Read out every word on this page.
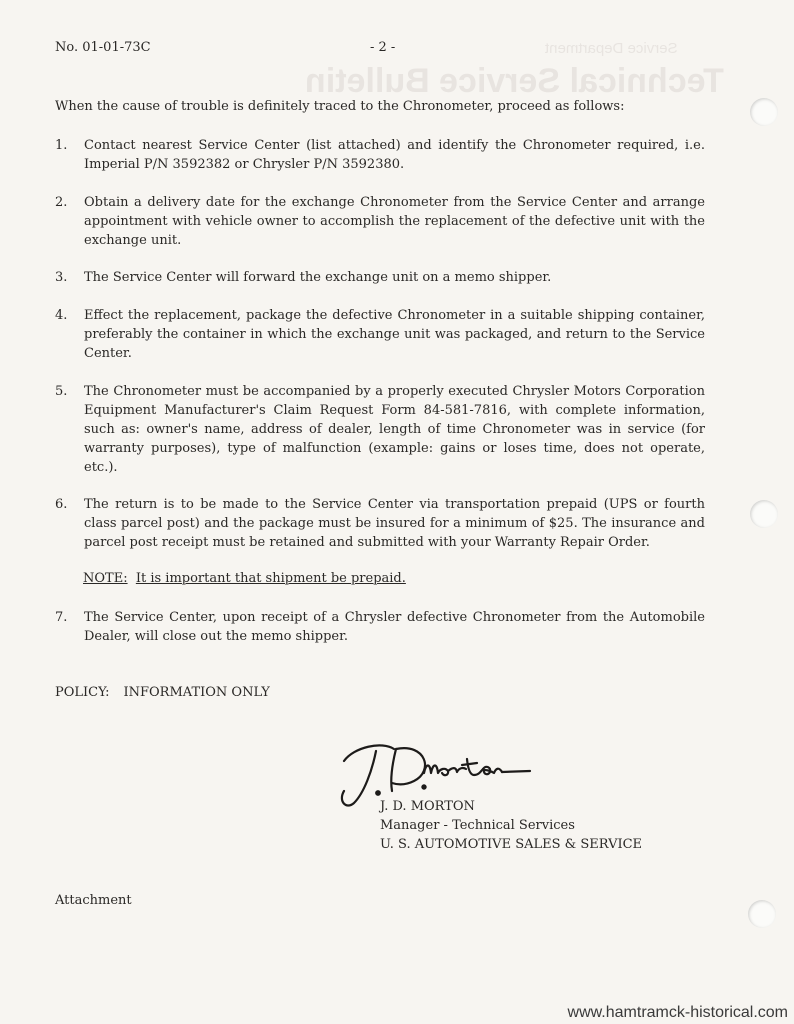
Technical Service Bulletin
Service Department
No. 01-01-73C	- 2 -
When the cause of trouble is definitely traced to the Chronometer, proceed as follows:
1. Contact nearest Service Center (list attached) and identify the Chronometer required, i.e. Imperial P/N 3592382 or Chrysler P/N 3592380.
2. Obtain a delivery date for the exchange Chronometer from the Service Center and arrange appointment with vehicle owner to accomplish the replacement of the defective unit with the exchange unit.
3. The Service Center will forward the exchange unit on a memo shipper.
4. Effect the replacement, package the defective Chronometer in a suitable shipping container, preferably the container in which the exchange unit was packaged, and return to the Service Center.
5. The Chronometer must be accompanied by a properly executed Chrysler Motors Corporation Equipment Manufacturer's Claim Request Form 84-581-7816, with complete information, such as: owner's name, address of dealer, length of time Chronometer was in service (for warranty purposes), type of malfunction (example: gains or loses time, does not operate, etc.).
6. The return is to be made to the Service Center via transportation prepaid (UPS or fourth class parcel post) and the package must be insured for a minimum of $25. The insurance and parcel post receipt must be retained and submitted with your Warranty Repair Order.
NOTE: It is important that shipment be prepaid.
7. The Service Center, upon receipt of a Chrysler defective Chronometer from the Automobile Dealer, will close out the memo shipper.
POLICY: INFORMATION ONLY
J. D. MORTON
Manager - Technical Services
U. S. AUTOMOTIVE SALES & SERVICE
Attachment
www.hamtramck-historical.com
